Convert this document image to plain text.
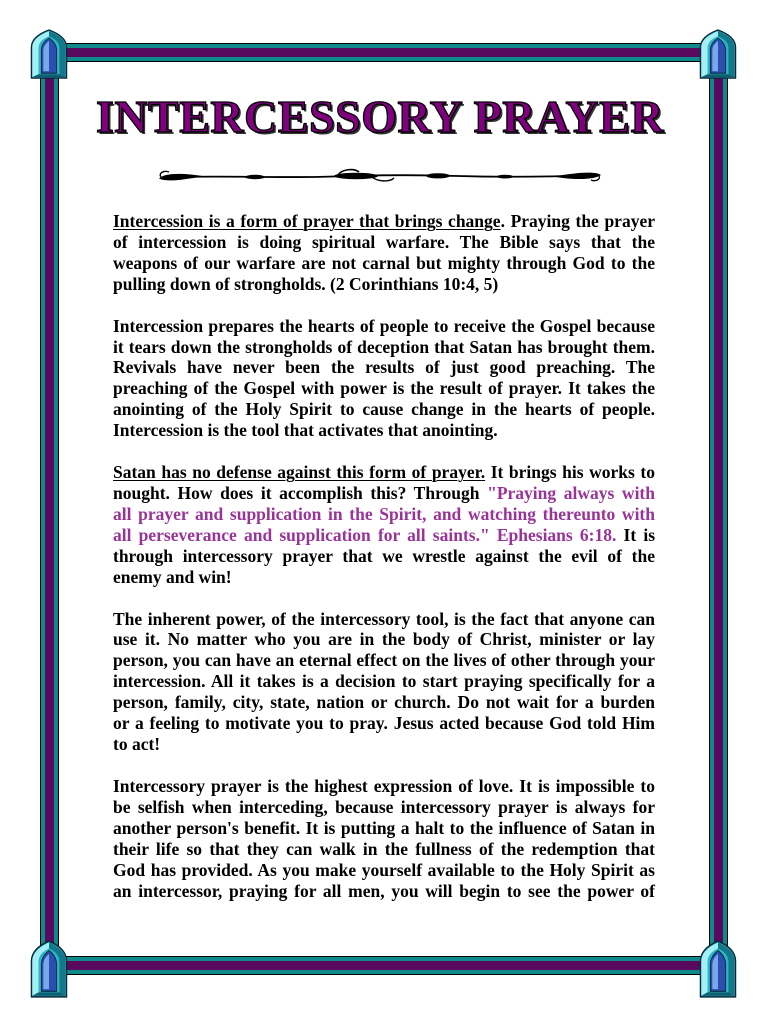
INTERCESSORY PRAYER
Intercession is a form of prayer that brings change. Praying the prayer
of intercession is doing spiritual warfare. The Bible says that the
weapons of our warfare are not carnal but mighty through God to the
pulling down of strongholds. (2 Corinthians 10:4, 5)
Intercession prepares the hearts of people to receive the Gospel because
it tears down the strongholds of deception that Satan has brought them.
Revivals have never been the results of just good preaching. The
preaching of the Gospel with power is the result of prayer. It takes the
anointing of the Holy Spirit to cause change in the hearts of people.
Intercession is the tool that activates that anointing.
Satan has no defense against this form of prayer. It brings his works to
nought. How does it accomplish this? Through "Praying always with
all prayer and supplication in the Spirit, and watching thereunto with
all perseverance and supplication for all saints." Ephesians 6:18. It is
through intercessory prayer that we wrestle against the evil of the
enemy and win!
The inherent power, of the intercessory tool, is the fact that anyone can
use it. No matter who you are in the body of Christ, minister or lay
person, you can have an eternal effect on the lives of other through your
intercession. All it takes is a decision to start praying specifically for a
person, family, city, state, nation or church. Do not wait for a burden
or a feeling to motivate you to pray. Jesus acted because God told Him
to act!
Intercessory prayer is the highest expression of love. It is impossible to
be selfish when interceding, because intercessory prayer is always for
another person's benefit. It is putting a halt to the influence of Satan in
their life so that they can walk in the fullness of the redemption that
God has provided. As you make yourself available to the Holy Spirit as
an intercessor, praying for all men, you will begin to see the power of
